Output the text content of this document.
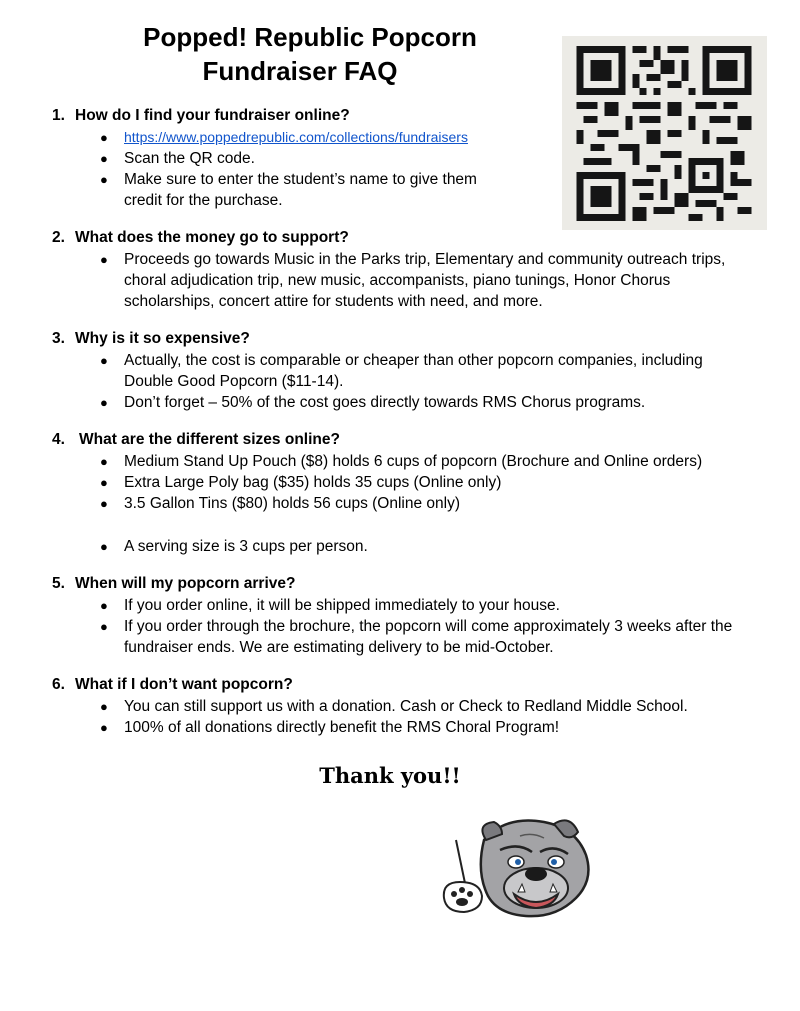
Popped! Republic Popcorn
Fundraiser FAQ

1. How do I find your fundraiser online?

● https://www.poppedrepublic.com/collections/fundraisers
● Scan the QR code.
● Make sure to enter the student’s name to give them credit for the purchase.

2. What does the money go to support?

● Proceeds go towards Music in the Parks trip, Elementary and community outreach trips, choral adjudication trip, new music, accompanists, piano tunings, Honor Chorus scholarships, concert attire for students with need, and more.

3. Why is it so expensive?

● Actually, the cost is comparable or cheaper than other popcorn companies, including Double Good Popcorn ($11-14).
● Don’t forget – 50% of the cost goes directly towards RMS Chorus programs.

4. What are the different sizes online?

● Medium Stand Up Pouch ($8) holds 6 cups of popcorn (Brochure and Online orders)
● Extra Large Poly bag ($35) holds 35 cups (Online only)
● 3.5 Gallon Tins ($80) holds 56 cups (Online only)
● A serving size is 3 cups per person.

5. When will my popcorn arrive?

● If you order online, it will be shipped immediately to your house.
● If you order through the brochure, the popcorn will come approximately 3 weeks after the fundraiser ends. We are estimating delivery to be mid-October.

6. What if I don’t want popcorn?

● You can still support us with a donation. Cash or Check to Redland Middle School.
● 100% of all donations directly benefit the RMS Choral Program!
Thank you!!
